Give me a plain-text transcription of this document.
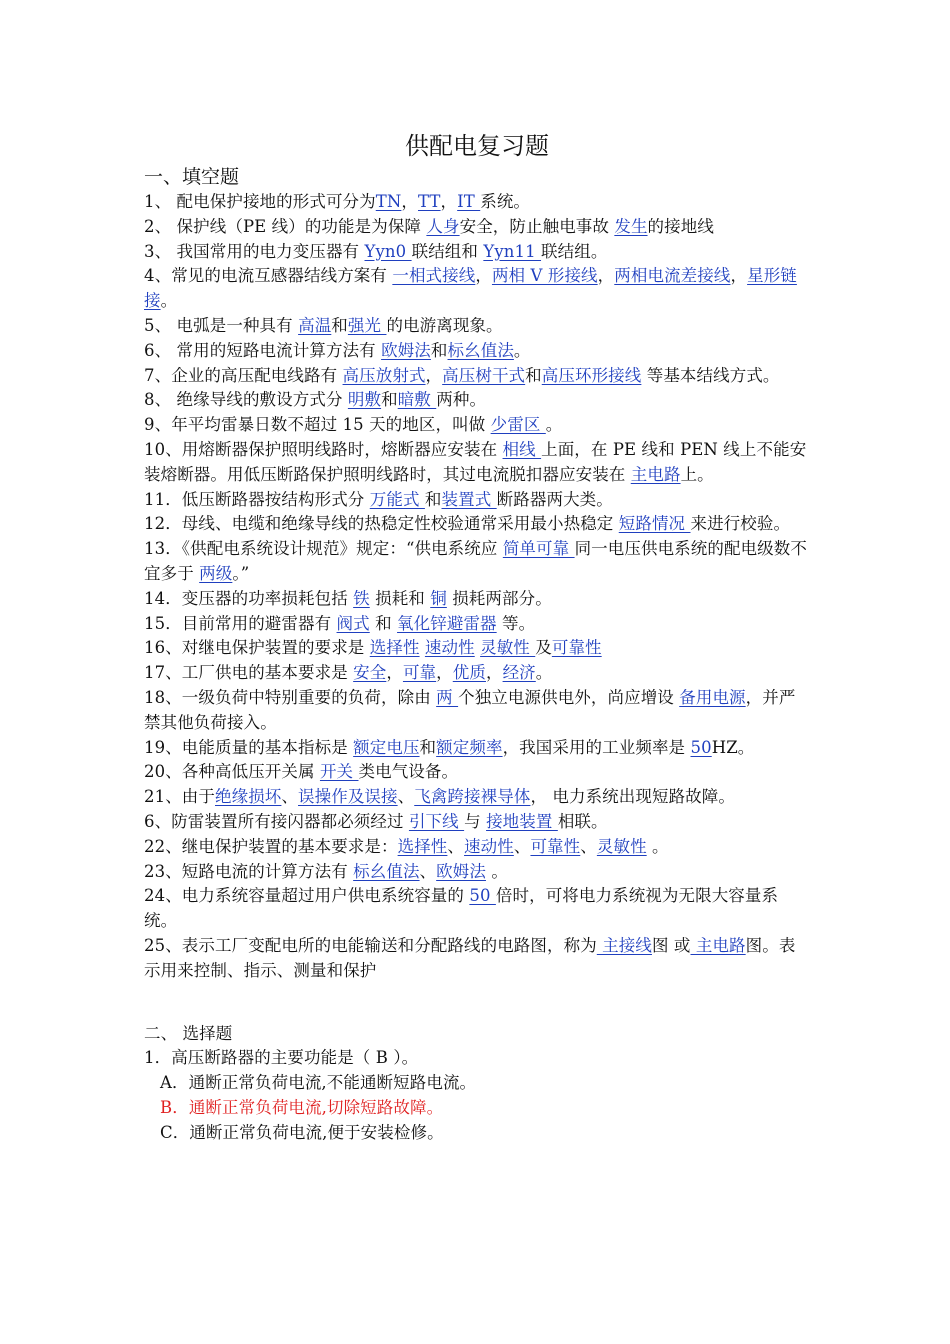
供配电复习题
一、填空题
1、 配电保护接地的形式可分为TN，TT，IT 系统。
2、 保护线（PE 线）的功能是为保障 人身安全，防止触电事故 发生的接地线
3、 我国常用的电力变压器有 Yyn0 联结组和 Yyn11 联结组。
4、常见的电流互感器结线方案有 一相式接线，两相 V 形接线，两相电流差接线，星形链接。
5、 电弧是一种具有 高温和强光 的电游离现象。
6、 常用的短路电流计算方法有 欧姆法和标幺值法。
7、企业的高压配电线路有 高压放射式，高压树干式和高压环形接线 等基本结线方式。
8、 绝缘导线的敷设方式分 明敷和暗敷 两种。
9、年平均雷暴日数不超过 15 天的地区，叫做 少雷区 。
10、用熔断器保护照明线路时，熔断器应安装在 相线 上面，在 PE 线和 PEN 线上不能安装熔断器。用低压断路保护照明线路时，其过电流脱扣器应安装在 主电路上。
11．低压断路器按结构形式分 万能式 和装置式 断路器两大类。
12．母线、电缆和绝缘导线的热稳定性校验通常采用最小热稳定 短路情况 来进行校验。
13．《供配电系统设计规范》规定：“供电系统应 简单可靠 同一电压供电系统的配电级数不宜多于 两级。”
14．变压器的功率损耗包括 铁 损耗和 铜 损耗两部分。
15．目前常用的避雷器有 阀式 和 氧化锌避雷器 等。
16、对继电保护装置的要求是 选择性 速动性 灵敏性 及可靠性
17、工厂供电的基本要求是 安全，可靠，优质，经济。
18、一级负荷中特别重要的负荷，除由 两 个独立电源供电外，尚应增设 备用电源，并严禁其他负荷接入。
19、电能质量的基本指标是 额定电压和额定频率，我国采用的工业频率是 50HZ。
20、各种高低压开关属 开关 类电气设备。
21、由于绝缘损坏、误操作及误接、飞禽跨接裸导体， 电力系统出现短路故障。
6、防雷装置所有接闪器都必须经过 引下线 与 接地装置 相联。
22、继电保护装置的基本要求是：选择性、速动性、可靠性、灵敏性 。
23、短路电流的计算方法有 标幺值法、欧姆法 。
24、电力系统容量超过用户供电系统容量的 50 倍时，可将电力系统视为无限大容量系统。
25、表示工厂变配电所的电能输送和分配路线的电路图，称为 主接线图 或 主电路图。表示用来控制、指示、测量和保护
二、 选择题
1．高压断路器的主要功能是（ B ）。
A．通断正常负荷电流,不能通断短路电流。
B．通断正常负荷电流,切除短路故障。
C．通断正常负荷电流,便于安装检修。
